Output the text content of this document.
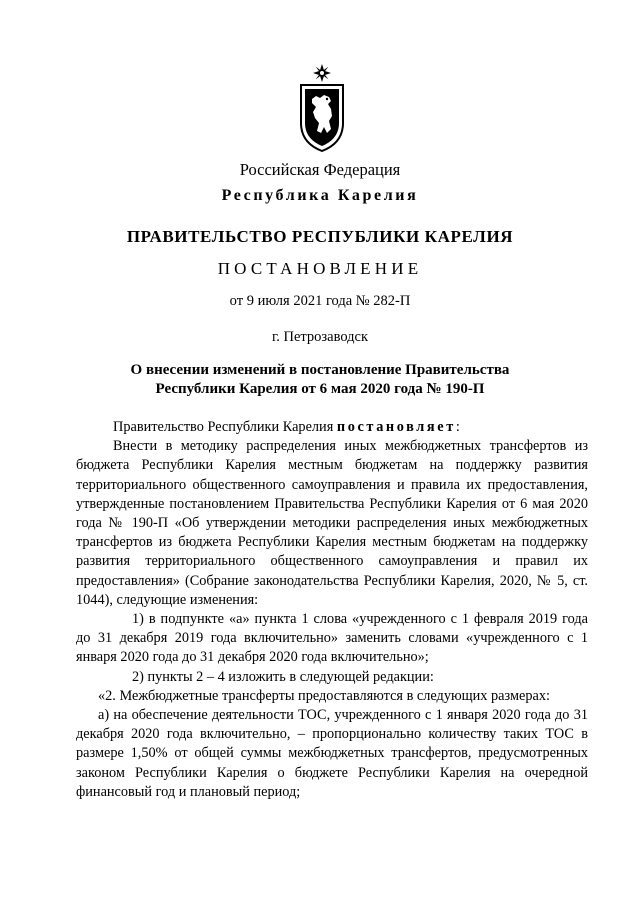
Российская Федерация
Республика Карелия
ПРАВИТЕЛЬСТВО РЕСПУБЛИКИ КАРЕЛИЯ
ПОСТАНОВЛЕНИЕ
от 9 июля 2021 года № 282-П
г. Петрозаводск
О внесении изменений в постановление Правительства
Республики Карелия от 6 мая 2020 года № 190-П

Правительство Республики Карелия постановляет:

Внести в методику распределения иных межбюджетных трансфертов из бюджета Республики Карелия местным бюджетам на поддержку развития территориального общественного самоуправления и правила их предоставления, утвержденные постановлением Правительства Республики Карелия от 6 мая 2020 года № 190-П «Об утверждении методики распределения иных межбюджетных трансфертов из бюджета Республики Карелия местным бюджетам на поддержку развития территориального общественного самоуправления и правил их предоставления» (Собрание законодательства Республики Карелия, 2020, № 5, ст. 1044), следующие изменения:

1) в подпункте «а» пункта 1 слова «учрежденного с 1 февраля 2019 года до 31 декабря 2019 года включительно» заменить словами «учрежденного с 1 января 2020 года до 31 декабря 2020 года включительно»;

2) пункты 2 – 4 изложить в следующей редакции:

«2. Межбюджетные трансферты предоставляются в следующих размерах:

а) на обеспечение деятельности ТОС, учрежденного с 1 января 2020 года до 31 декабря 2020 года включительно, – пропорционально количеству таких ТОС в размере 1,50% от общей суммы межбюджетных трансфертов, предусмотренных законом Республики Карелия о бюджете Республики Карелия на очередной финансовый год и плановый период;
